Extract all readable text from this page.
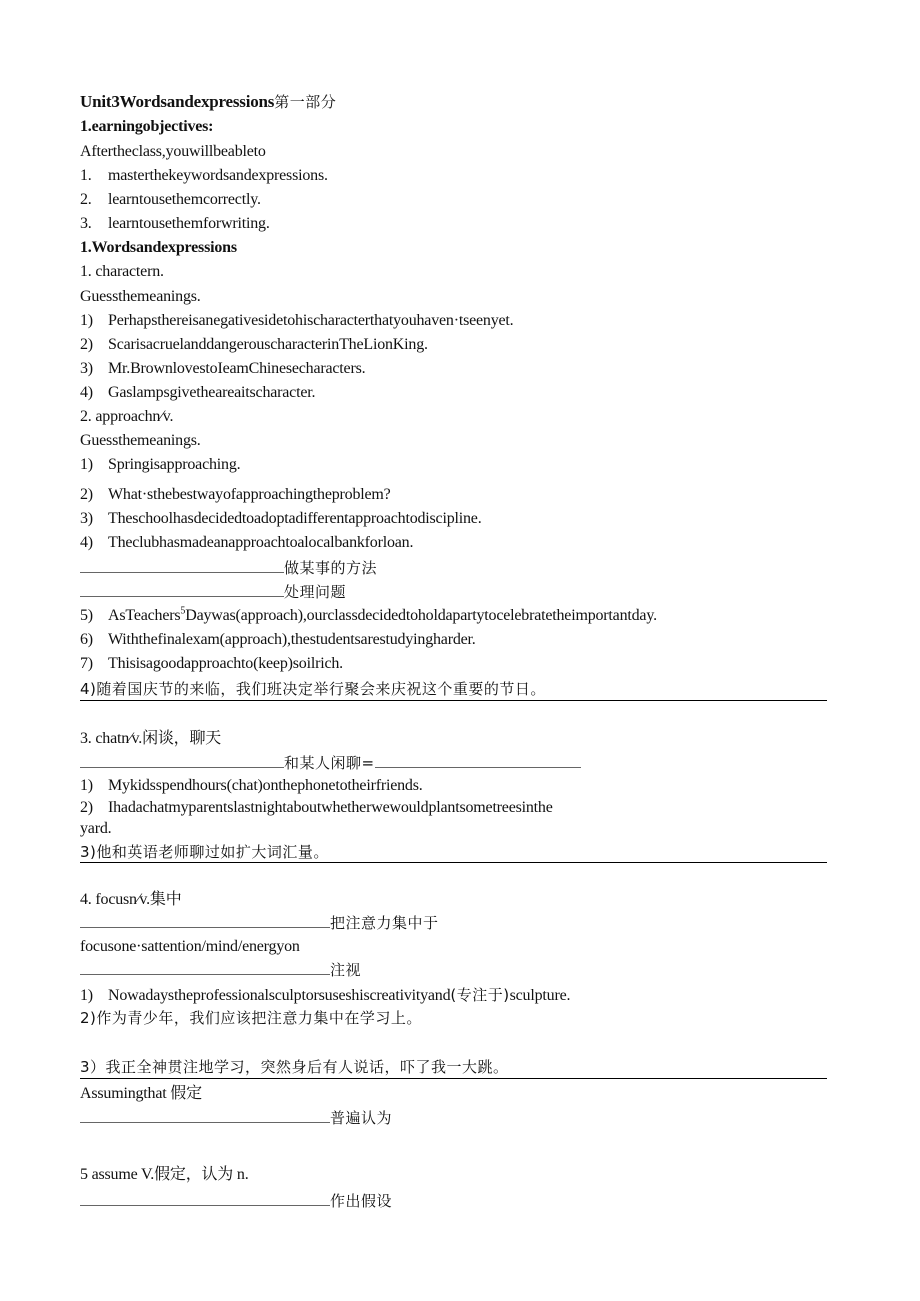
Unit3Wordsandexpressions第一部分
1.earningobjectives:
Aftertheclass,youwillbeableto
1. masterthekeywordsandexpressions.
2. learntousethemcorrectly.
3. learntousethemforwriting.
1.Wordsandexpressions
1. charactern.
Guessthemeanings.
1) Perhapsthereisanegativesidetohischaracterthatyouhaven·tseenyet.
2) ScarisacruelanddangerouscharacterinTheLionKing.
3) Mr.BrownlovestoIeamChinesecharacters.
4) Gaslampsgivetheareaitscharacter.
2. approachn∕v.
Guessthemeanings.
1) Springisapproaching.
2) What·sthebestwayofapproachingtheproblem?
3) Theschoolhasdecidedtoadoptadifferentapproachtodiscipline.
4) Theclubhasmadeanapproachtoalocalbankforloan.
做某事的方法
处理问题
5) AsTeachers$^5$Daywas(approach),ourclassdecidedtoholdapartytocelebratetheimportantday.
6) Withthefinalexam(approach),thestudentsarestudyingharder.
7) Thisisagoodapproachto(keep)soilrich.
4)随着国庆节的来临，我们班决定举行聚会来庆祝这个重要的节日。
3. chatn∕v.闲谈，聊天
和某人闲聊=
1) Mykidsspendhours(chat)onthephonetotheirfriends.
2) Ihadachatmyparentslastnightaboutwhetherwewouldplantsometreesinthe
yard.
3)他和英语老师聊过如扩大词汇量。
4. focusn∕v.集中
把注意力集中于
focusone·sattention/mind/energyon
注视
1) Nowadaystheprofessionalsculptorsuseshiscreativityand(专注于)sculpture.
2)作为青少年，我们应该把注意力集中在学习上。
3）我正全神贯注地学习，突然身后有人说话，吓了我一大跳。
Assumingthat 假定
普遍认为
5 assume V.假定，认为 n.
作出假设
